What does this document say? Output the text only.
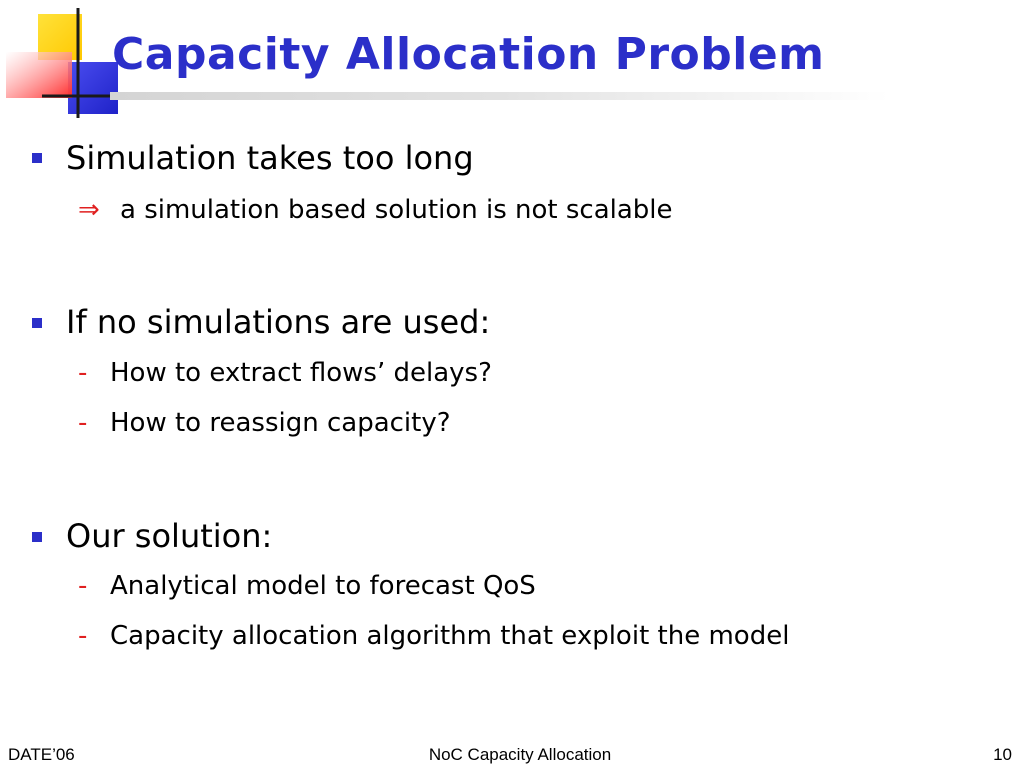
Capacity Allocation Problem
Simulation takes too long
⇒ a simulation based solution is not scalable
If no simulations are used:
- How to extract flows’ delays?
- How to reassign capacity?
Our solution:
- Analytical model to forecast QoS
- Capacity allocation algorithm that exploit the model
DATE’06	NoC Capacity Allocation	10
